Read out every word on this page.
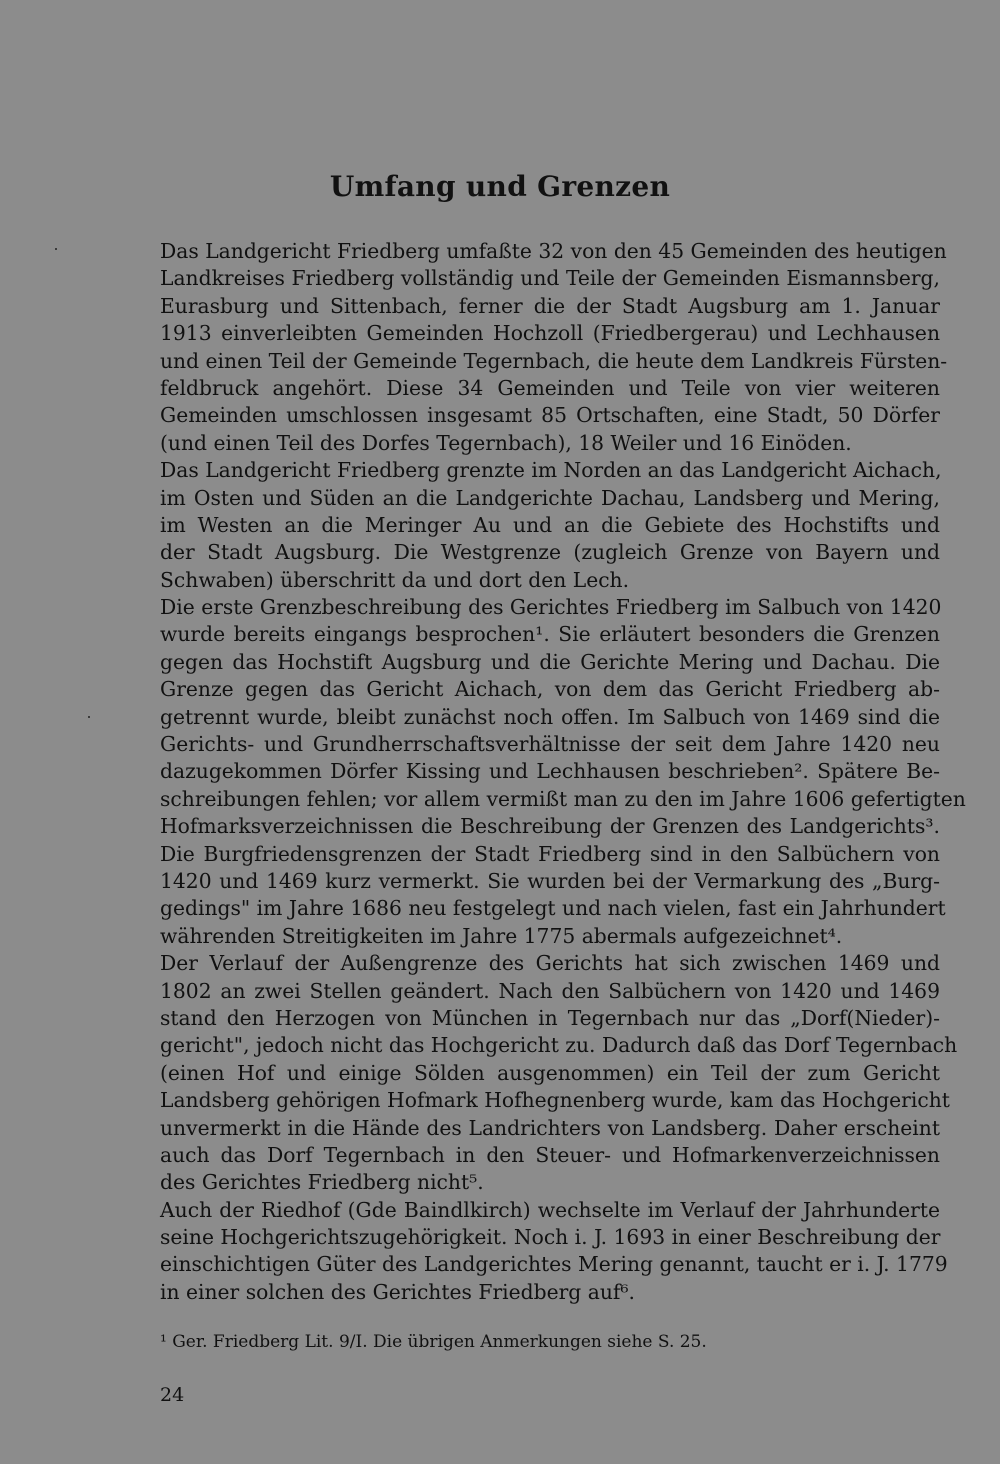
Umfang und Grenzen
Das Landgericht Friedberg umfaßte 32 von den 45 Gemeinden des heutigen
Landkreises Friedberg vollständig und Teile der Gemeinden Eismannsberg,
Eurasburg und Sittenbach, ferner die der Stadt Augsburg am 1. Januar
1913 einverleibten Gemeinden Hochzoll (Friedbergerau) und Lechhausen
und einen Teil der Gemeinde Tegernbach, die heute dem Landkreis Fürsten-
feldbruck angehört. Diese 34 Gemeinden und Teile von vier weiteren
Gemeinden umschlossen insgesamt 85 Ortschaften, eine Stadt, 50 Dörfer
(und einen Teil des Dorfes Tegernbach), 18 Weiler und 16 Einöden.
Das Landgericht Friedberg grenzte im Norden an das Landgericht Aichach,
im Osten und Süden an die Landgerichte Dachau, Landsberg und Mering,
im Westen an die Meringer Au und an die Gebiete des Hochstifts und
der Stadt Augsburg. Die Westgrenze (zugleich Grenze von Bayern und
Schwaben) überschritt da und dort den Lech.
Die erste Grenzbeschreibung des Gerichtes Friedberg im Salbuch von 1420
wurde bereits eingangs besprochen¹. Sie erläutert besonders die Grenzen
gegen das Hochstift Augsburg und die Gerichte Mering und Dachau. Die
Grenze gegen das Gericht Aichach, von dem das Gericht Friedberg ab-
getrennt wurde, bleibt zunächst noch offen. Im Salbuch von 1469 sind die
Gerichts- und Grundherrschaftsverhältnisse der seit dem Jahre 1420 neu
dazugekommen Dörfer Kissing und Lechhausen beschrieben². Spätere Be-
schreibungen fehlen; vor allem vermißt man zu den im Jahre 1606 gefertigten
Hofmarksverzeichnissen die Beschreibung der Grenzen des Landgerichts³.
Die Burgfriedensgrenzen der Stadt Friedberg sind in den Salbüchern von
1420 und 1469 kurz vermerkt. Sie wurden bei der Vermarkung des „Burg-
gedings" im Jahre 1686 neu festgelegt und nach vielen, fast ein Jahrhundert
währenden Streitigkeiten im Jahre 1775 abermals aufgezeichnet⁴.
Der Verlauf der Außengrenze des Gerichts hat sich zwischen 1469 und
1802 an zwei Stellen geändert. Nach den Salbüchern von 1420 und 1469
stand den Herzogen von München in Tegernbach nur das „Dorf(Nieder)-
gericht", jedoch nicht das Hochgericht zu. Dadurch daß das Dorf Tegernbach
(einen Hof und einige Sölden ausgenommen) ein Teil der zum Gericht
Landsberg gehörigen Hofmark Hofhegnenberg wurde, kam das Hochgericht
unvermerkt in die Hände des Landrichters von Landsberg. Daher erscheint
auch das Dorf Tegernbach in den Steuer- und Hofmarkenverzeichnissen
des Gerichtes Friedberg nicht⁵.
Auch der Riedhof (Gde Baindlkirch) wechselte im Verlauf der Jahrhunderte
seine Hochgerichtszugehörigkeit. Noch i. J. 1693 in einer Beschreibung der
einschichtigen Güter des Landgerichtes Mering genannt, taucht er i. J. 1779
in einer solchen des Gerichtes Friedberg auf⁶.
¹ Ger. Friedberg Lit. 9/I. Die übrigen Anmerkungen siehe S. 25.
24
